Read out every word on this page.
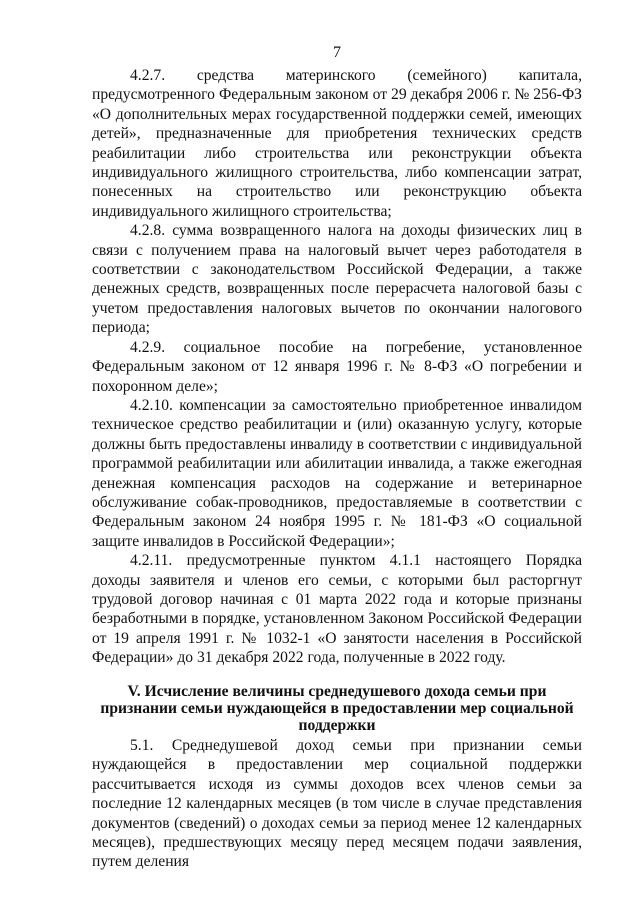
7

4.2.7. средства материнского (семейного) капитала, предусмотренного Федеральным законом от 29 декабря 2006 г. № 256-ФЗ «О дополнительных мерах государственной поддержки семей, имеющих детей», предназначенные для приобретения технических средств реабилитации либо строительства или реконструкции объекта индивидуального жилищного строительства, либо компенсации затрат, понесенных на строительство или реконструкцию объекта индивидуального жилищного строительства;

4.2.8. сумма возвращенного налога на доходы физических лиц в связи с получением права на налоговый вычет через работодателя в соответствии с законодательством Российской Федерации, а также денежных средств, возвращенных после перерасчета налоговой базы с учетом предоставления налоговых вычетов по окончании налогового периода;

4.2.9. социальное пособие на погребение, установленное Федеральным законом от 12 января 1996 г. № 8-ФЗ «О погребении и похоронном деле»;

4.2.10. компенсации за самостоятельно приобретенное инвалидом техническое средство реабилитации и (или) оказанную услугу, которые должны быть предоставлены инвалиду в соответствии с индивидуальной программой реабилитации или абилитации инвалида, а также ежегодная денежная компенсация расходов на содержание и ветеринарное обслуживание собак-проводников, предоставляемые в соответствии с Федеральным законом 24 ноября 1995 г. № 181-ФЗ «О социальной защите инвалидов в Российской Федерации»;

4.2.11. предусмотренные пунктом 4.1.1 настоящего Порядка доходы заявителя и членов его семьи, с которыми был расторгнут трудовой договор начиная с 01 марта 2022 года и которые признаны безработными в порядке, установленном Законом Российской Федерации от 19 апреля 1991 г. № 1032-1 «О занятости населения в Российской Федерации» до 31 декабря 2022 года, полученные в 2022 году.

V. Исчисление величины среднедушевого дохода семьи при признании семьи нуждающейся в предоставлении мер социальной поддержки

5.1. Среднедушевой доход семьи при признании семьи нуждающейся в предоставлении мер социальной поддержки рассчитывается исходя из суммы доходов всех членов семьи за последние 12 календарных месяцев (в том числе в случае представления документов (сведений) о доходах семьи за период менее 12 календарных месяцев), предшествующих месяцу перед месяцем подачи заявления, путем деления
